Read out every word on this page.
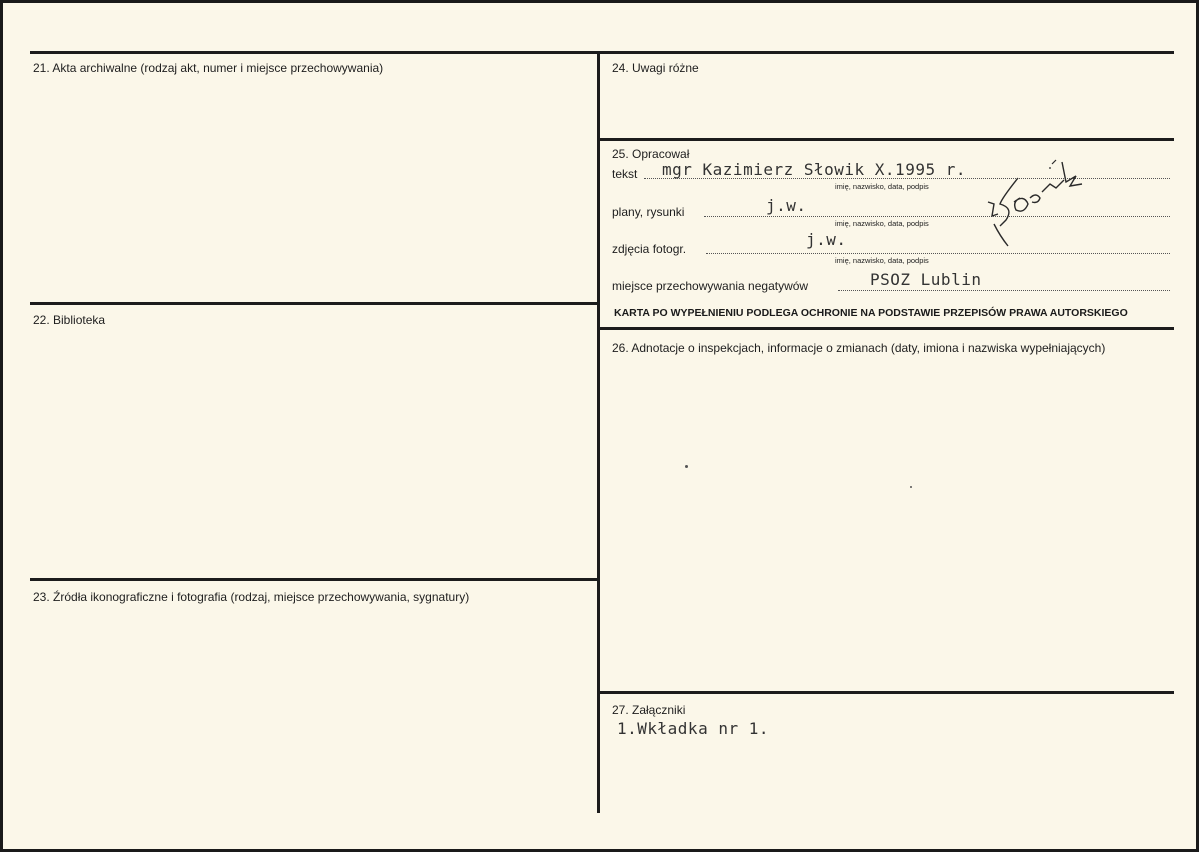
21. Akta archiwalne (rodzaj akt, numer i miejsce przechowywania)
22. Biblioteka
23. Źródła ikonograficzne i fotografia (rodzaj, miejsce przechowywania, sygnatury)
24. Uwagi różne
25. Opracował
tekst mgr Kazimierz Słowik X.1995 r.
imię, nazwisko, data, podpis
plany, rysunki	j.w.
imię, nazwisko, data, podpis
zdjęcia fotogr.	j.w.
imię, nazwisko, data, podpis
miejsce przechowywania negatywów	PSOZ Lublin
KARTA PO WYPEŁNIENIU PODLEGA OCHRONIE NA PODSTAWIE PRZEPISÓW PRAWA AUTORSKIEGO
26. Adnotacje o inspekcjach, informacje o zmianach (daty, imiona i nazwiska wypełniających)
27. Załączniki
1.Wkładka nr 1.
